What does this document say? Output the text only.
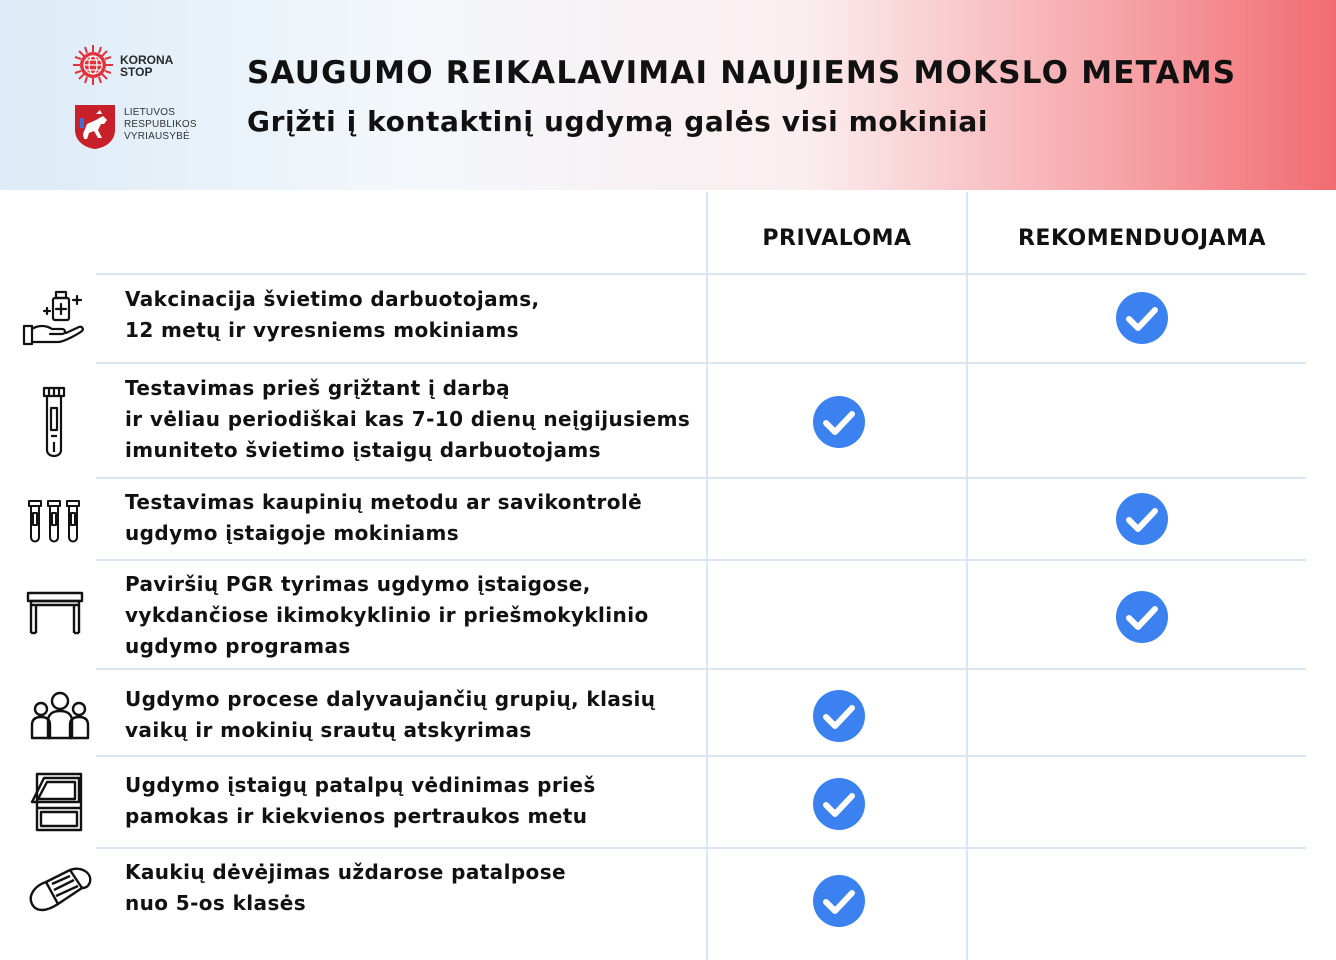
KORONA
STOP
LIETUVOS
RESPUBLIKOS
VYRIAUSYBĖ
SAUGUMO REIKALAVIMAI NAUJIEMS MOKSLO METAMS
Grįžti į kontaktinį ugdymą galės visi mokiniai
PRIVALOMA	REKOMENDUOJAMA
Vakcinacija švietimo darbuotojams,
12 metų ir vyresniems mokiniams
Testavimas prieš grįžtant į darbą
ir vėliau periodiškai kas 7-10 dienų neįgijusiems
imuniteto švietimo įstaigų darbuotojams
Testavimas kaupinių metodu ar savikontrolė
ugdymo įstaigoje mokiniams
Paviršių PGR tyrimas ugdymo įstaigose,
vykdančiose ikimokyklinio ir priešmokyklinio
ugdymo programas
Ugdymo procese dalyvaujančių grupių, klasių
vaikų ir mokinių srautų atskyrimas
Ugdymo įstaigų patalpų vėdinimas prieš
pamokas ir kiekvienos pertraukos metu
Kaukių dėvėjimas uždarose patalpose
nuo 5-os klasės
